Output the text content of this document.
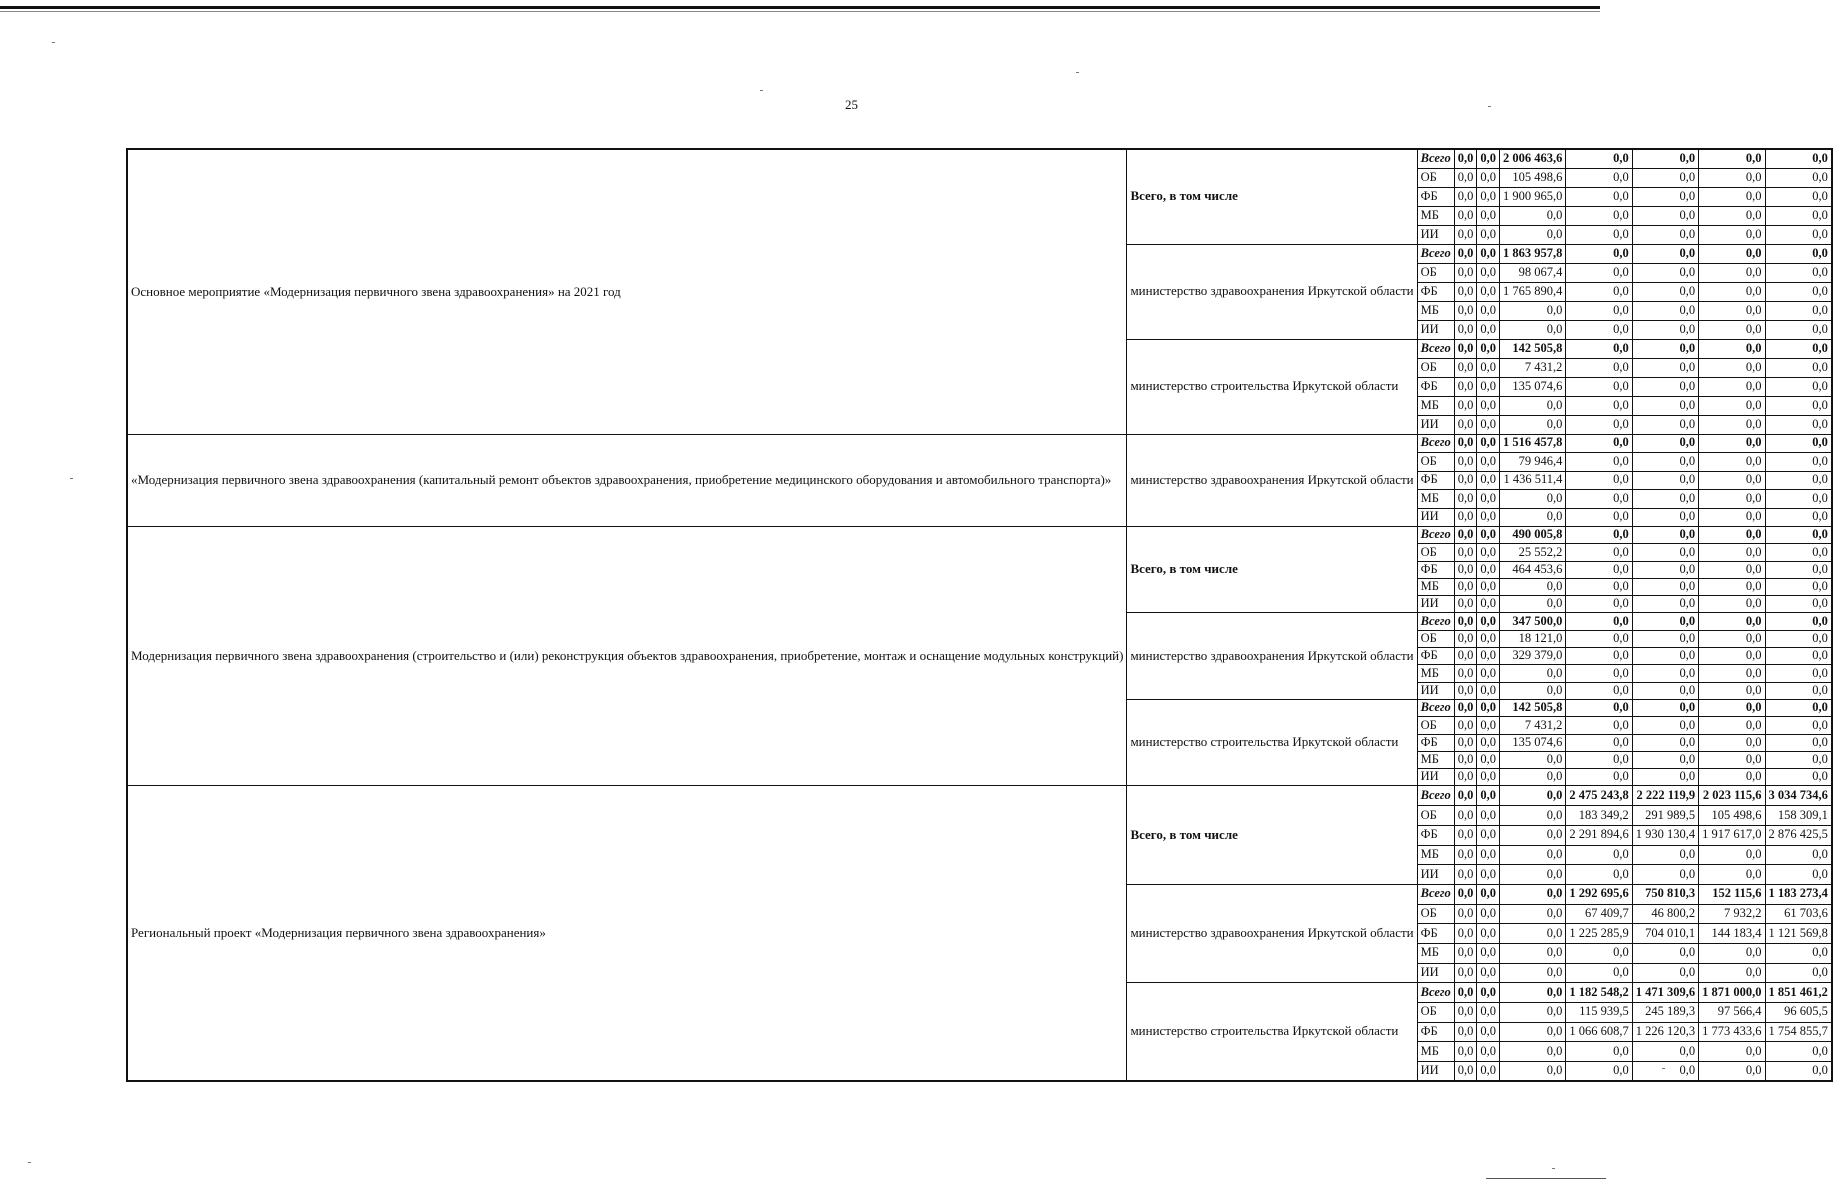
25
Основное мероприятие «Модернизация первичного звена здравоохранения» на 2021 год	Всего, в том числе	Всего	0,0	0,0	2 006 463,6	0,0	0,0	0,0	0,0
		ОБ	0,0	0,0	105 498,6	0,0	0,0	0,0	0,0
		ФБ	0,0	0,0	1 900 965,0	0,0	0,0	0,0	0,0
		МБ	0,0	0,0	0,0	0,0	0,0	0,0	0,0
		ИИ	0,0	0,0	0,0	0,0	0,0	0,0	0,0
	министерство здравоохранения Иркутской области	Всего	0,0	0,0	1 863 957,8	0,0	0,0	0,0	0,0
		ОБ	0,0	0,0	98 067,4	0,0	0,0	0,0	0,0
		ФБ	0,0	0,0	1 765 890,4	0,0	0,0	0,0	0,0
		МБ	0,0	0,0	0,0	0,0	0,0	0,0	0,0
		ИИ	0,0	0,0	0,0	0,0	0,0	0,0	0,0
	министерство строительства Иркутской области	Всего	0,0	0,0	142 505,8	0,0	0,0	0,0	0,0
		ОБ	0,0	0,0	7 431,2	0,0	0,0	0,0	0,0
		ФБ	0,0	0,0	135 074,6	0,0	0,0	0,0	0,0
		МБ	0,0	0,0	0,0	0,0	0,0	0,0	0,0
		ИИ	0,0	0,0	0,0	0,0	0,0	0,0	0,0
«Модернизация первичного звена здравоохранения (капитальный ремонт объектов здравоохранения, приобретение медицинского оборудования и автомобильного транспорта)»	министерство здравоохранения Иркутской области	Всего	0,0	0,0	1 516 457,8	0,0	0,0	0,0	0,0
		ОБ	0,0	0,0	79 946,4	0,0	0,0	0,0	0,0
		ФБ	0,0	0,0	1 436 511,4	0,0	0,0	0,0	0,0
		МБ	0,0	0,0	0,0	0,0	0,0	0,0	0,0
		ИИ	0,0	0,0	0,0	0,0	0,0	0,0	0,0
Модернизация первичного звена здравоохранения (строительство и (или) реконструкция объектов здравоохранения, приобретение, монтаж и оснащение модульных конструкций)	Всего, в том числе	Всего	0,0	0,0	490 005,8	0,0	0,0	0,0	0,0
		ОБ	0,0	0,0	25 552,2	0,0	0,0	0,0	0,0
		ФБ	0,0	0,0	464 453,6	0,0	0,0	0,0	0,0
		МБ	0,0	0,0	0,0	0,0	0,0	0,0	0,0
		ИИ	0,0	0,0	0,0	0,0	0,0	0,0	0,0
	министерство здравоохранения Иркутской области	Всего	0,0	0,0	347 500,0	0,0	0,0	0,0	0,0
		ОБ	0,0	0,0	18 121,0	0,0	0,0	0,0	0,0
		ФБ	0,0	0,0	329 379,0	0,0	0,0	0,0	0,0
		МБ	0,0	0,0	0,0	0,0	0,0	0,0	0,0
		ИИ	0,0	0,0	0,0	0,0	0,0	0,0	0,0
	министерство строительства Иркутской области	Всего	0,0	0,0	142 505,8	0,0	0,0	0,0	0,0
		ОБ	0,0	0,0	7 431,2	0,0	0,0	0,0	0,0
		ФБ	0,0	0,0	135 074,6	0,0	0,0	0,0	0,0
		МБ	0,0	0,0	0,0	0,0	0,0	0,0	0,0
		ИИ	0,0	0,0	0,0	0,0	0,0	0,0	0,0
Региональный проект «Модернизация первичного звена здравоохранения»	Всего, в том числе	Всего	0,0	0,0	0,0	2 475 243,8	2 222 119,9	2 023 115,6	3 034 734,6
		ОБ	0,0	0,0	0,0	183 349,2	291 989,5	105 498,6	158 309,1
		ФБ	0,0	0,0	0,0	2 291 894,6	1 930 130,4	1 917 617,0	2 876 425,5
		МБ	0,0	0,0	0,0	0,0	0,0	0,0	0,0
		ИИ	0,0	0,0	0,0	0,0	0,0	0,0	0,0
	министерство здравоохранения Иркутской области	Всего	0,0	0,0	0,0	1 292 695,6	750 810,3	152 115,6	1 183 273,4
		ОБ	0,0	0,0	0,0	67 409,7	46 800,2	7 932,2	61 703,6
		ФБ	0,0	0,0	0,0	1 225 285,9	704 010,1	144 183,4	1 121 569,8
		МБ	0,0	0,0	0,0	0,0	0,0	0,0	0,0
		ИИ	0,0	0,0	0,0	0,0	0,0	0,0	0,0
	министерство строительства Иркутской области	Всего	0,0	0,0	0,0	1 182 548,2	1 471 309,6	1 871 000,0	1 851 461,2
		ОБ	0,0	0,0	0,0	115 939,5	245 189,3	97 566,4	96 605,5
		ФБ	0,0	0,0	0,0	1 066 608,7	1 226 120,3	1 773 433,6	1 754 855,7
		МБ	0,0	0,0	0,0	0,0	0,0	0,0	0,0
		ИИ	0,0	0,0	0,0	0,0	0,0	0,0	0,0
